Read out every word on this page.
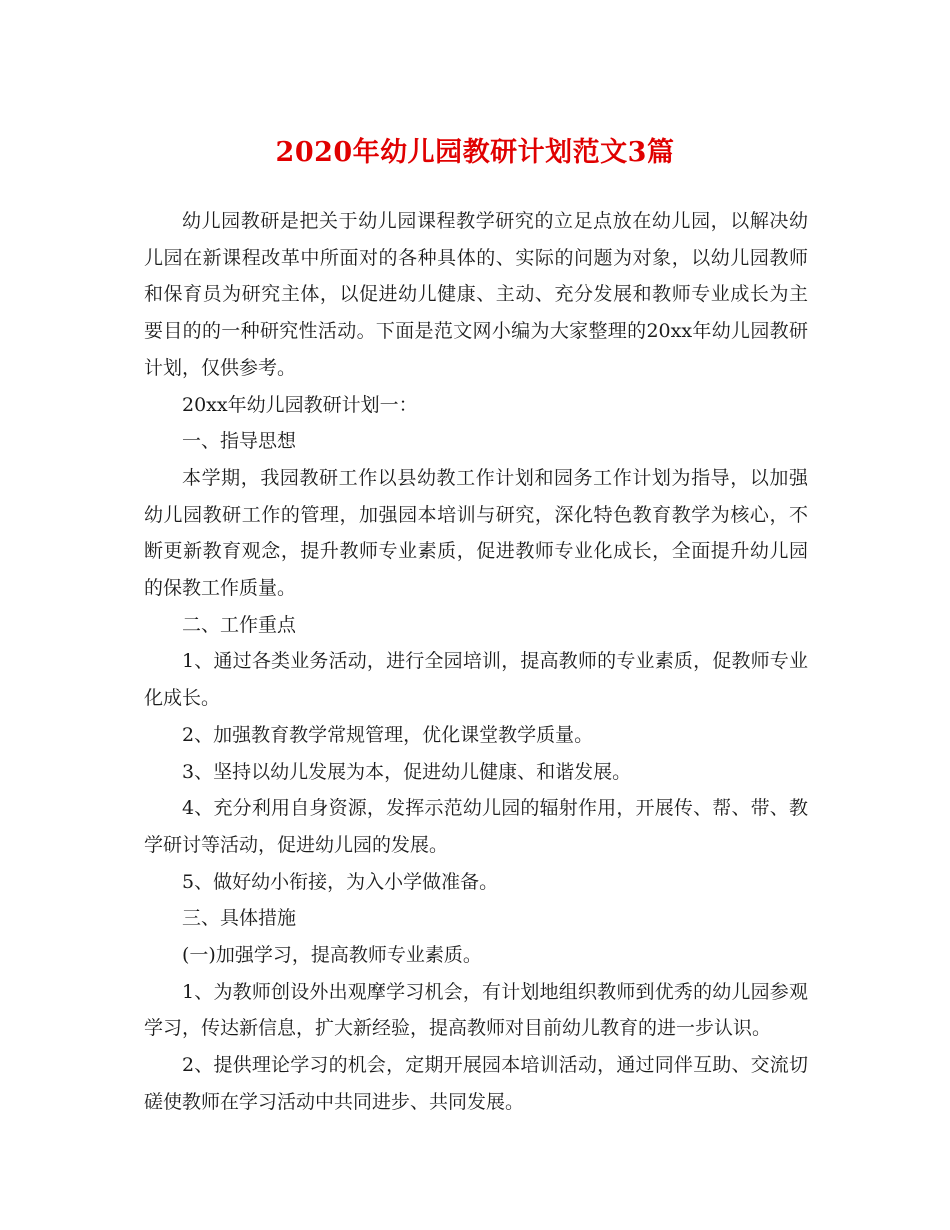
2020年幼儿园教研计划范文3篇

幼儿园教研是把关于幼儿园课程教学研究的立足点放在幼儿园，以解决幼儿园在新课程改革中所面对的各种具体的、实际的问题为对象，以幼儿园教师和保育员为研究主体，以促进幼儿健康、主动、充分发展和教师专业成长为主要目的的一种研究性活动。下面是范文网小编为大家整理的20xx年幼儿园教研计划，仅供参考。

20xx年幼儿园教研计划一：

一、指导思想

本学期，我园教研工作以县幼教工作计划和园务工作计划为指导，以加强幼儿园教研工作的管理，加强园本培训与研究，深化特色教育教学为核心，不断更新教育观念，提升教师专业素质，促进教师专业化成长，全面提升幼儿园的保教工作质量。

二、工作重点

1、通过各类业务活动，进行全园培训，提高教师的专业素质，促教师专业化成长。

2、加强教育教学常规管理，优化课堂教学质量。

3、坚持以幼儿发展为本，促进幼儿健康、和谐发展。

4、充分利用自身资源，发挥示范幼儿园的辐射作用，开展传、帮、带、教学研讨等活动，促进幼儿园的发展。

5、做好幼小衔接，为入小学做准备。

三、具体措施

(一)加强学习，提高教师专业素质。

1、为教师创设外出观摩学习机会，有计划地组织教师到优秀的幼儿园参观学习，传达新信息，扩大新经验，提高教师对目前幼儿教育的进一步认识。

2、提供理论学习的机会，定期开展园本培训活动，通过同伴互助、交流切磋使教师在学习活动中共同进步、共同发展。
